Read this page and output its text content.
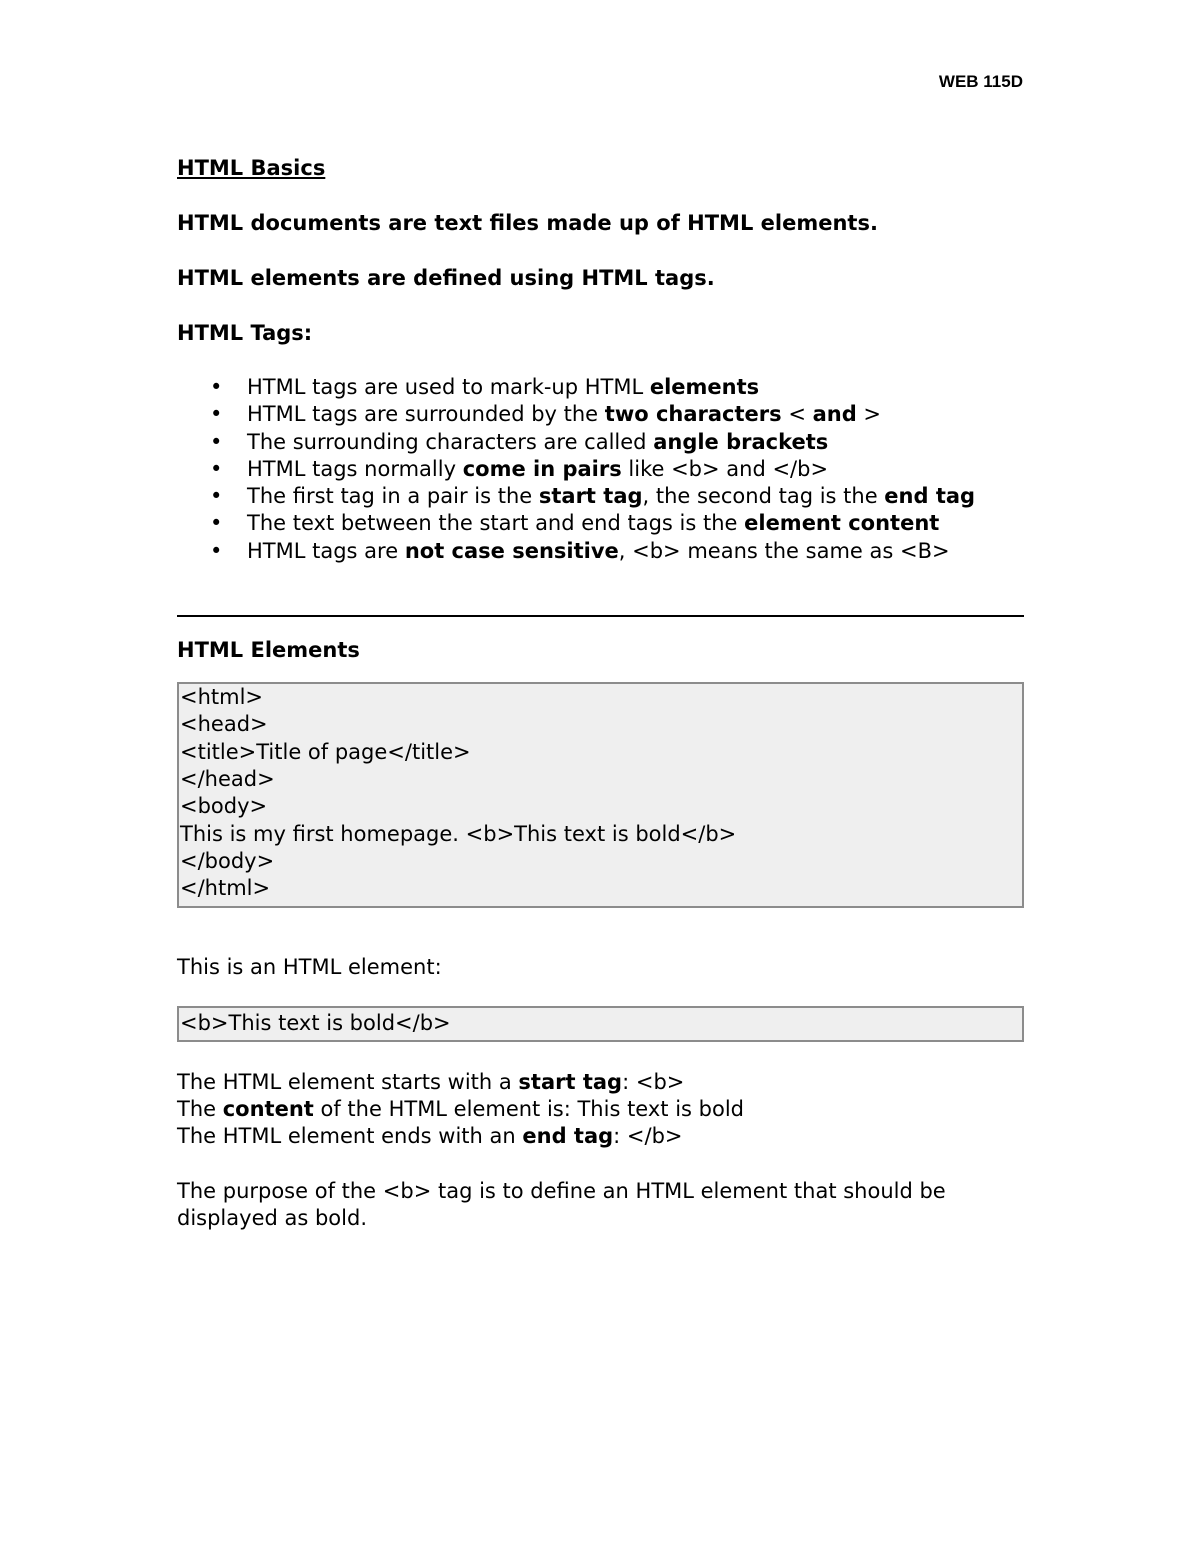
WEB 115D

HTML Basics

HTML documents are text files made up of HTML elements.

HTML elements are defined using HTML tags.

HTML Tags:

• HTML tags are used to mark-up HTML elements
• HTML tags are surrounded by the two characters < and >
• The surrounding characters are called angle brackets
• HTML tags normally come in pairs like <b> and </b>
• The first tag in a pair is the start tag, the second tag is the end tag
• The text between the start and end tags is the element content
• HTML tags are not case sensitive, <b> means the same as <B>

HTML Elements

<html>

<head>

<title>Title of page</title>

</head>

<body>

This is my first homepage. <b>This text is bold</b>

</body>

</html>

This is an HTML element:

<b>This text is bold</b>

The HTML element starts with a start tag: <b>

The content of the HTML element is: This text is bold

The HTML element ends with an end tag: </b>

The purpose of the <b> tag is to define an HTML element that should be

displayed as bold.
